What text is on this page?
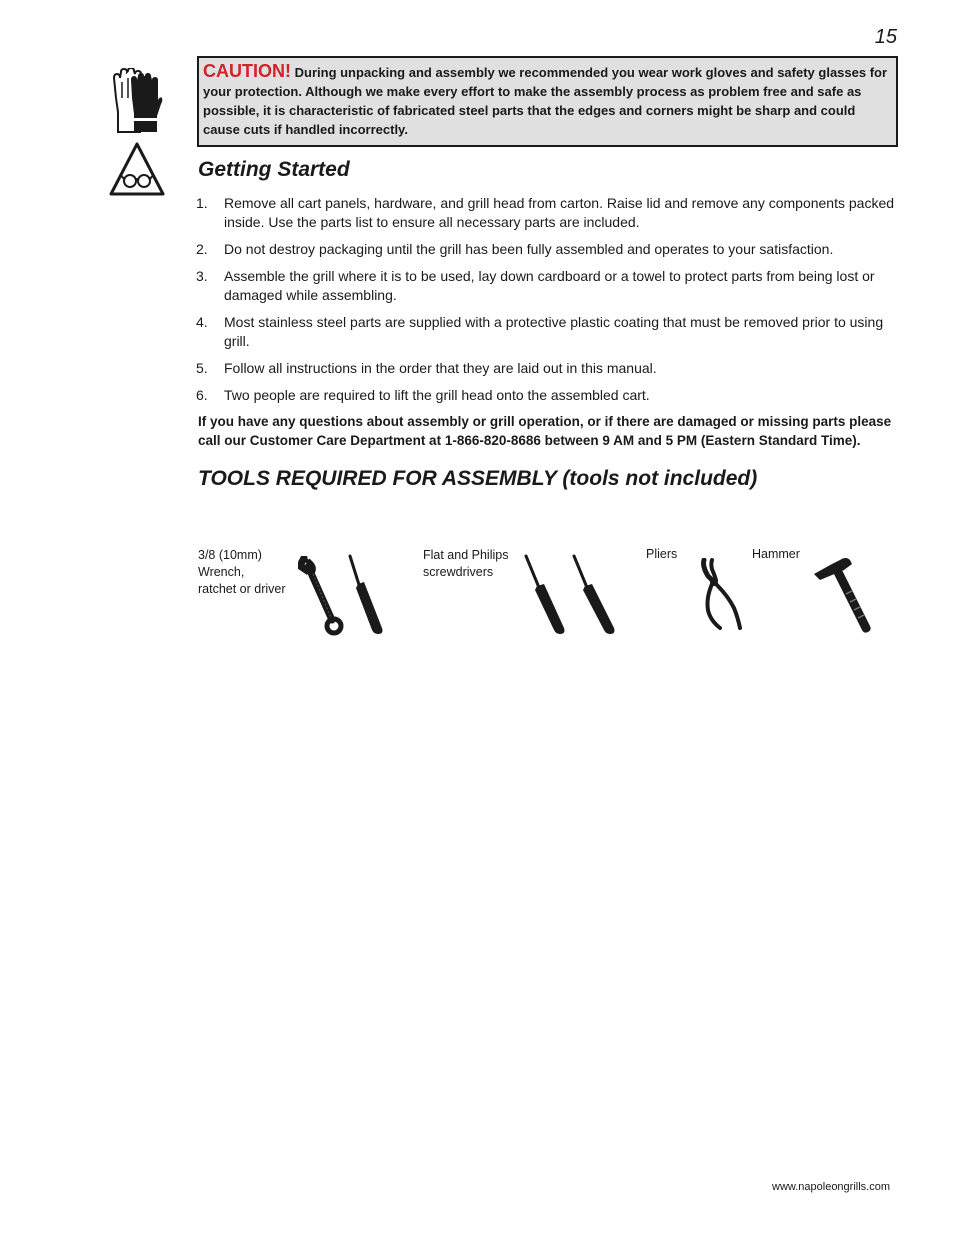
15
CAUTION! During unpacking and assembly we recommended you wear work gloves and safety glasses for your protection. Although we make every effort to make the assembly process as problem free and safe as possible, it is characteristic of fabricated steel parts that the edges and corners might be sharp and could cause cuts if handled incorrectly.
Getting Started
1. Remove all cart panels, hardware, and grill head from carton. Raise lid and remove any components packed inside. Use the parts list to ensure all necessary parts are included.
2. Do not destroy packaging until the grill has been fully assembled and operates to your satisfaction.
3. Assemble the grill where it is to be used, lay down cardboard or a towel to protect parts from being lost or damaged while assembling.
4. Most stainless steel parts are supplied with a protective plastic coating that must be removed prior to using grill.
5. Follow all instructions in the order that they are laid out in this manual.
6. Two people are required to lift the grill head onto the assembled cart.
If you have any questions about assembly or grill operation, or if there are damaged or missing parts please call our Customer Care Department at 1-866-820-8686 between 9 AM and 5 PM (Eastern Standard Time).
TOOLS REQUIRED FOR ASSEMBLY (tools not included)
3/8 (10mm)
Wrench,
ratchet or driver
Flat and Philips
screwdrivers
Pliers	Hammer
www.napoleongrills.com
